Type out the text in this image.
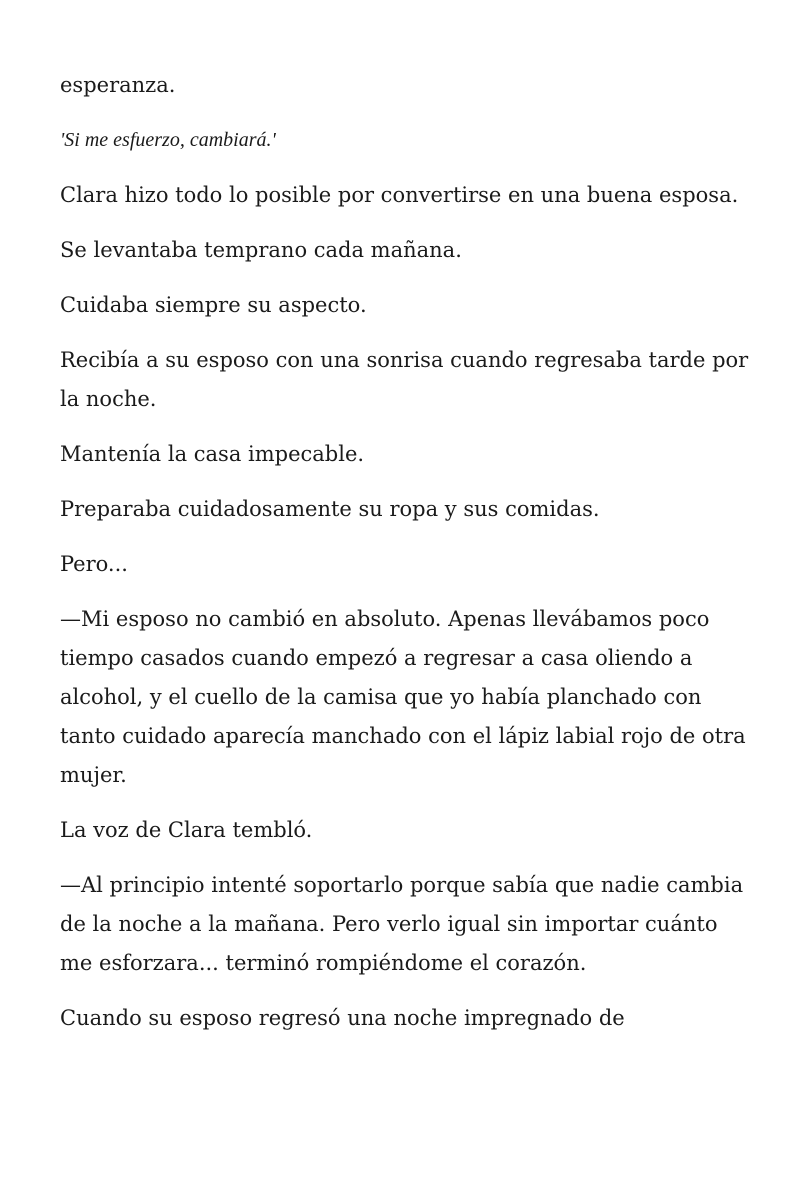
esperanza.

'Si me esfuerzo, cambiará.'

Clara hizo todo lo posible por convertirse en una buena esposa.

Se levantaba temprano cada mañana.

Cuidaba siempre su aspecto.

Recibía a su esposo con una sonrisa cuando regresaba tarde por la noche.

Mantenía la casa impecable.

Preparaba cuidadosamente su ropa y sus comidas.

Pero...

—Mi esposo no cambió en absoluto. Apenas llevábamos poco tiempo casados cuando empezó a regresar a casa oliendo a alcohol, y el cuello de la camisa que yo había planchado con tanto cuidado aparecía manchado con el lápiz labial rojo de otra mujer.

La voz de Clara tembló.

—Al principio intenté soportarlo porque sabía que nadie cambia de la noche a la mañana. Pero verlo igual sin importar cuánto me esforzara... terminó rompiéndome el corazón.

Cuando su esposo regresó una noche impregnado de
